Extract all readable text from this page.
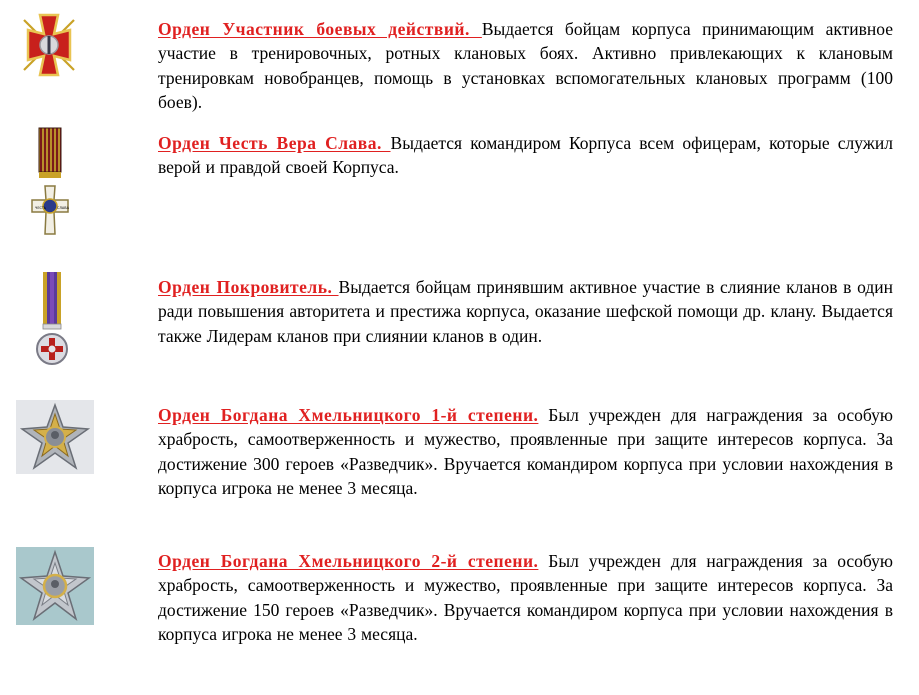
ЧЕСТЬ	СЛАВА

Орден Участник боевых действий. Выдается бойцам корпуса принимающим активное участие в тренировочных, ротных клановых боях. Активно привлекающих к клановым тренировкам новобранцев, помощь в установках вспомогательных клановых программ (100 боев).

Орден Честь Вера Слава. Выдается командиром Корпуса всем офицерам, которые служил верой и правдой своей Корпуса.

Орден Покровитель. Выдается бойцам принявшим активное участие в слияние кланов в один ради повышения авторитета и престижа корпуса, оказание шефской помощи др. клану. Выдается также Лидерам кланов при слиянии кланов в один.

Орден Богдана Хмельницкого 1-й степени. Был учрежден для награждения за особую храбрость, самоотверженность и мужество, проявленные при защите интересов корпуса. За достижение 300 героев «Разведчик». Вручается командиром корпуса при условии нахождения в корпуса игрока не менее 3 месяца.

Орден Богдана Хмельницкого 2-й степени. Был учрежден для награждения за особую храбрость, самоотверженность и мужество, проявленные при защите интересов корпуса. За достижение 150 героев «Разведчик». Вручается командиром корпуса при условии нахождения в корпуса игрока не менее 3 месяца.
